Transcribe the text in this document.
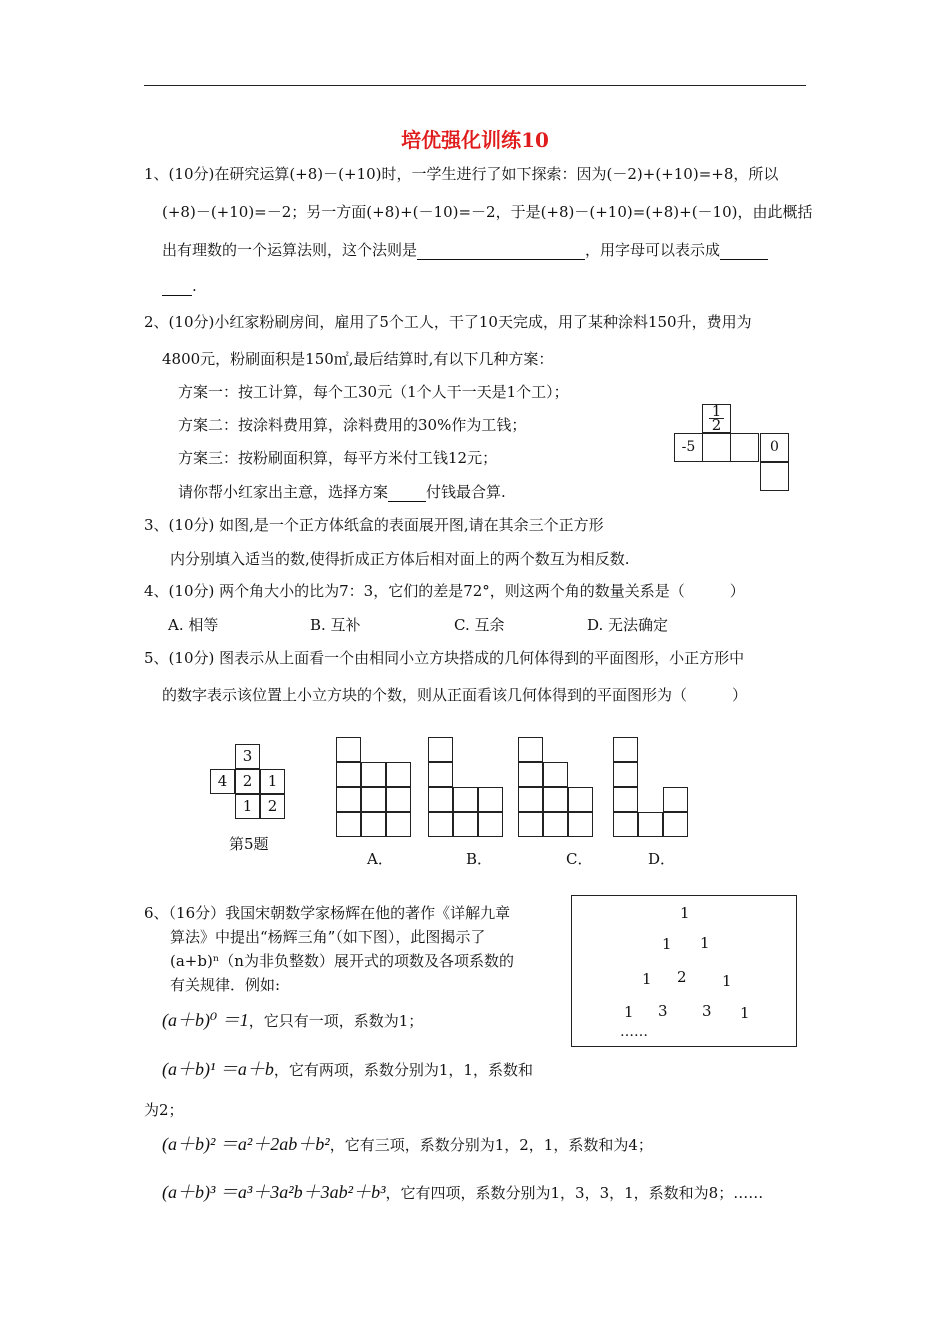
培优强化训练10
1、(10分)在研究运算(+8)－(+10)时，一学生进行了如下探索：因为(－2)+(+10)=+8，所以
(+8)－(+10)=－2；另一方面(+8)+(－10)=－2，于是(+8)－(+10)=(+8)+(－10)，由此概括
出有理数的一个运算法则，这个法则是	，用字母可以表示成
.
2、(10分)小红家粉刷房间，雇用了5个工人，干了10天完成，用了某种涂料150升，费用为
4800元，粉刷面积是150㎡,最后结算时,有以下几种方案：
方案一：按工计算，每个工30元（1个人干一天是1个工）；
方案二：按涂料费用算，涂料费用的30%作为工钱；
方案三：按粉刷面积算，每平方米付工钱12元；
请你帮小红家出主意，选择方案	付钱最合算.
$\frac{1}{2}$
-5	0
3、(10分) 如图,是一个正方体纸盒的表面展开图,请在其余三个正方形
内分别填入适当的数,使得折成正方体后相对面上的两个数互为相反数.
4、(10分) 两个角大小的比为7：3，它们的差是72°，则这两个角的数量关系是（　　　）
A. 相等	B. 互补	C. 互余	D. 无法确定
5、(10分) 图表示从上面看一个由相同小立方块搭成的几何体得到的平面图形，小正方形中
的数字表示该位置上小立方块的个数，则从正面看该几何体得到的平面图形为（　　　）
3
4	2	1
1	2
第5题
A．	B．	C．	D．
6、（16分）我国宋朝数学家杨辉在他的著作《详解九章
算法》中提出“杨辉三角”（如下图），此图揭示了
(a+b)ⁿ（n为非负整数）展开式的项数及各项系数的
有关规律．例如:
(a＋b)⁰ ＝1，它只有一项，系数为1；
(a＋b)¹ ＝a＋b，它有两项，系数分别为1，1，系数和
为2；
(a＋b)² ＝a²＋2ab＋b²，它有三项，系数分别为1，2，1，系数和为4；
(a＋b)³ ＝a³＋3a²b＋3ab²＋b³，它有四项，系数分别为1，3，3，1，系数和为8；……
1
1 1
1 2 1
1 3 3 1
……
